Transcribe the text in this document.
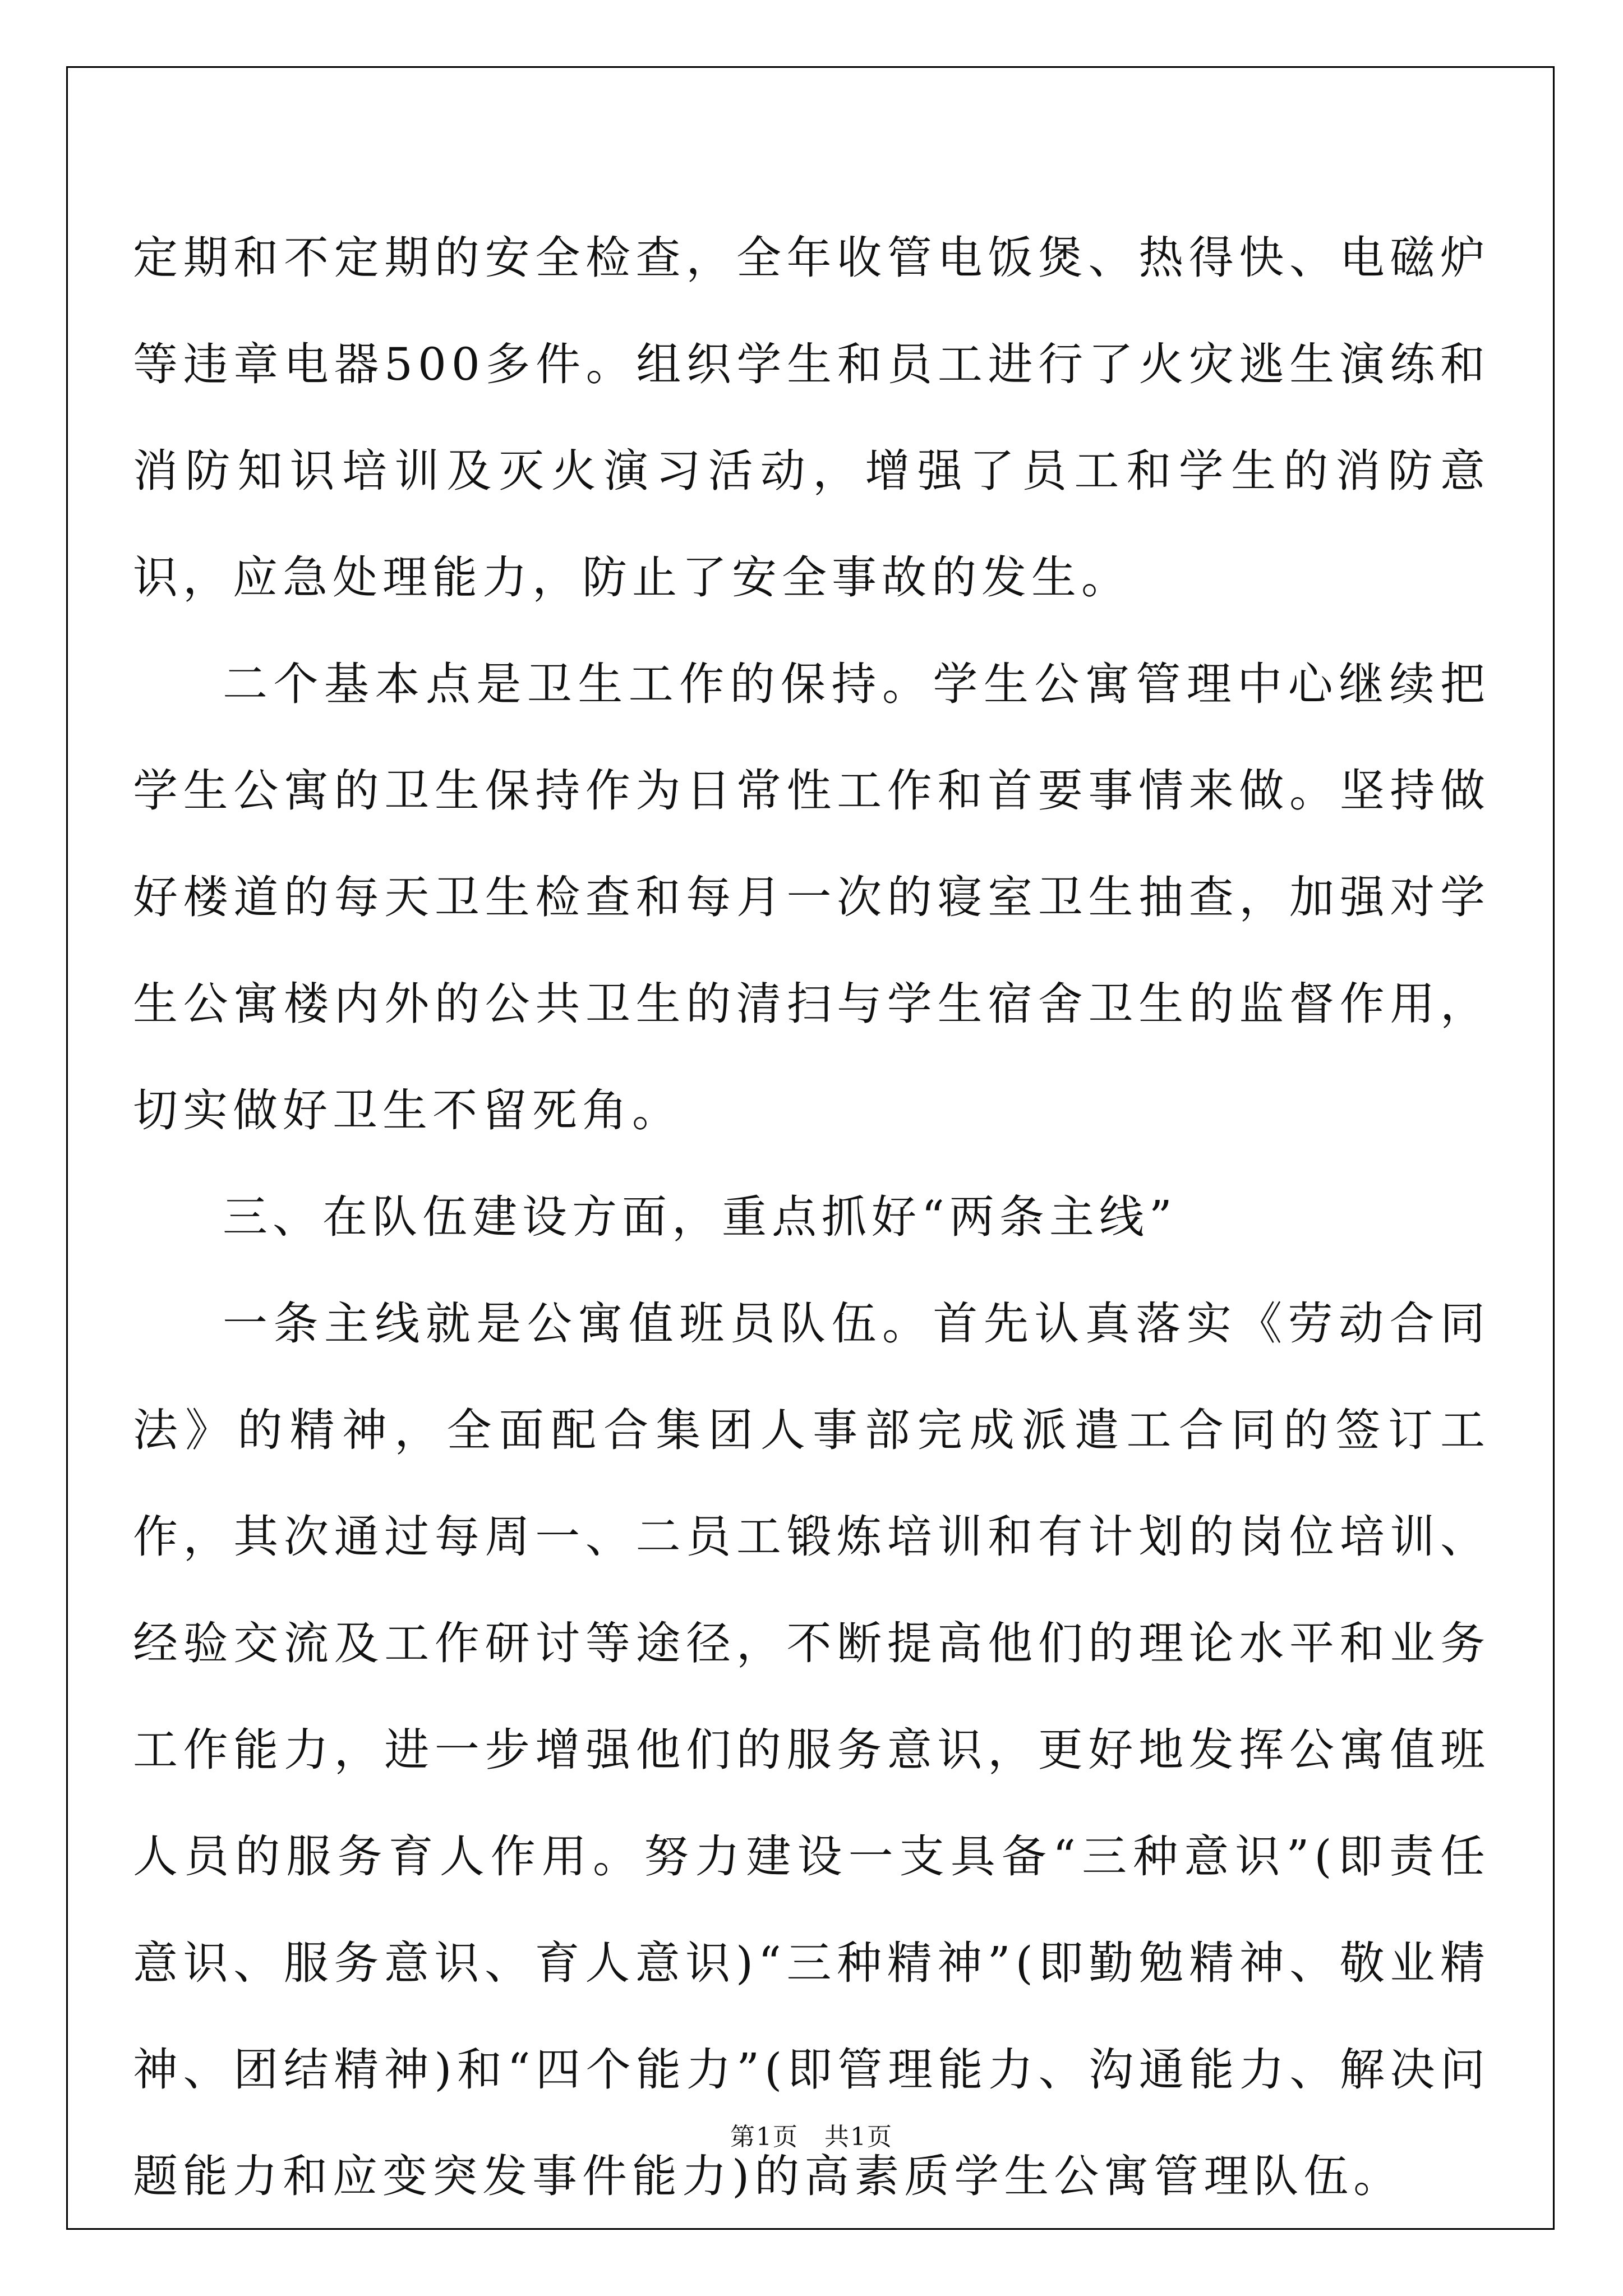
定期和不定期的安全检查，全年收管电饭煲、热得快、电磁炉等违章电器500多件。组织学生和员工进行了火灾逃生演练和消防知识培训及灭火演习活动，增强了员工和学生的消防意识，应急处理能力，防止了安全事故的发生。

二个基本点是卫生工作的保持。学生公寓管理中心继续把学生公寓的卫生保持作为日常性工作和首要事情来做。坚持做好楼道的每天卫生检查和每月一次的寝室卫生抽查，加强对学生公寓楼内外的公共卫生的清扫与学生宿舍卫生的监督作用，切实做好卫生不留死角。

三、在队伍建设方面，重点抓好“两条主线”

一条主线就是公寓值班员队伍。首先认真落实《劳动合同法》的精神，全面配合集团人事部完成派遣工合同的签订工作，其次通过每周一、二员工锻炼培训和有计划的岗位培训、经验交流及工作研讨等途径，不断提高他们的理论水平和业务工作能力，进一步增强他们的服务意识，更好地发挥公寓值班人员的服务育人作用。努力建设一支具备“三种意识”(即责任意识、服务意识、育人意识)“三种精神”(即勤勉精神、敬业精神、团结精神)和“四个能力”(即管理能力、沟通能力、解决问题能力和应变突发事件能力)的高素质学生公寓管理队伍。

第1页　共1页
